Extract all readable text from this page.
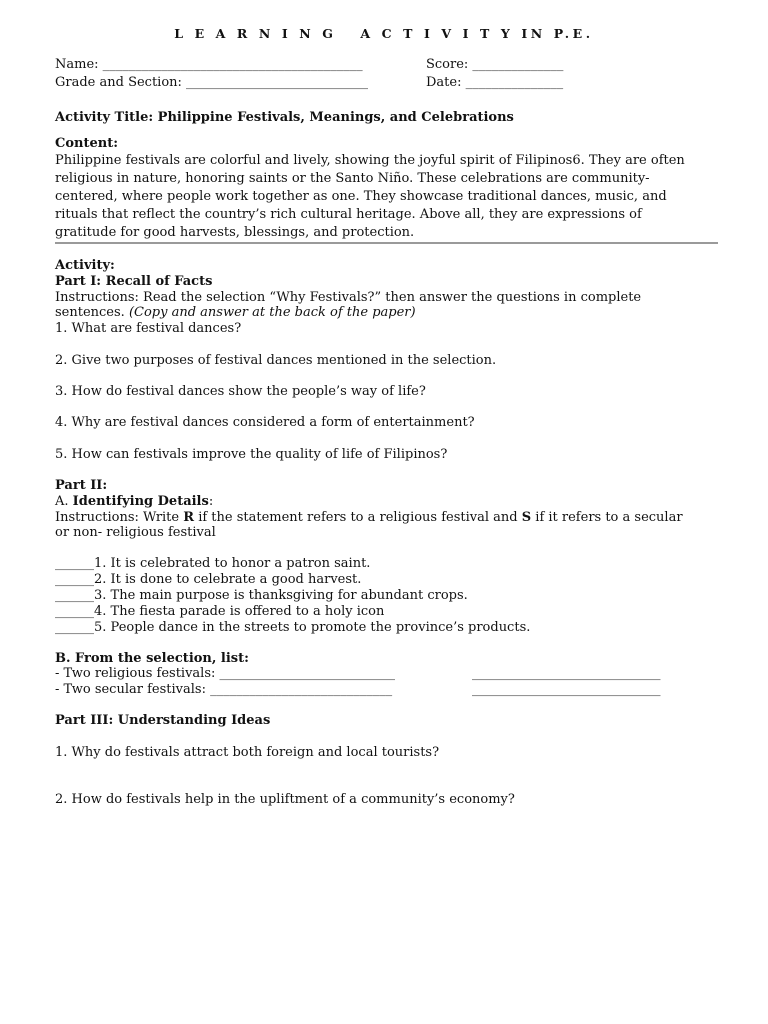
L E A R N I N G   A C T I V I T Y IN P.E.
Name: ________________________________________	Score: ______________
Grade and Section: ____________________________	Date: _______________
Activity Title: Philippine Festivals, Meanings, and Celebrations
Content:
Philippine festivals are colorful and lively, showing the joyful spirit of Filipinos6. They are often
religious in nature, honoring saints or the Santo Niño. These celebrations are community-
centered, where people work together as one. They showcase traditional dances, music, and
rituals that reflect the country’s rich cultural heritage. Above all, they are expressions of
gratitude for good harvests, blessings, and protection.
Activity:
Part I: Recall of Facts
Instructions: Read the selection “Why Festivals?” then answer the questions in complete
sentences. (Copy and answer at the back of the paper)
1. What are festival dances?
2. Give two purposes of festival dances mentioned in the selection.
3. How do festival dances show the people’s way of life?
4. Why are festival dances considered a form of entertainment?
5. How can festivals improve the quality of life of Filipinos?
Part II:
A. Identifying Details:
Instructions: Write R if the statement refers to a religious festival and S if it refers to a secular
or non- religious festival
______1. It is celebrated to honor a patron saint.
______2. It is done to celebrate a good harvest.
______3. The main purpose is thanksgiving for abundant crops.
______4. The fiesta parade is offered to a holy icon
______5. People dance in the streets to promote the province’s products.
B. From the selection, list:
- Two religious festivals: ___________________________	_____________________________
- Two secular festivals: ____________________________	_____________________________
Part III: Understanding Ideas
1. Why do festivals attract both foreign and local tourists?
2. How do festivals help in the upliftment of a community’s economy?
